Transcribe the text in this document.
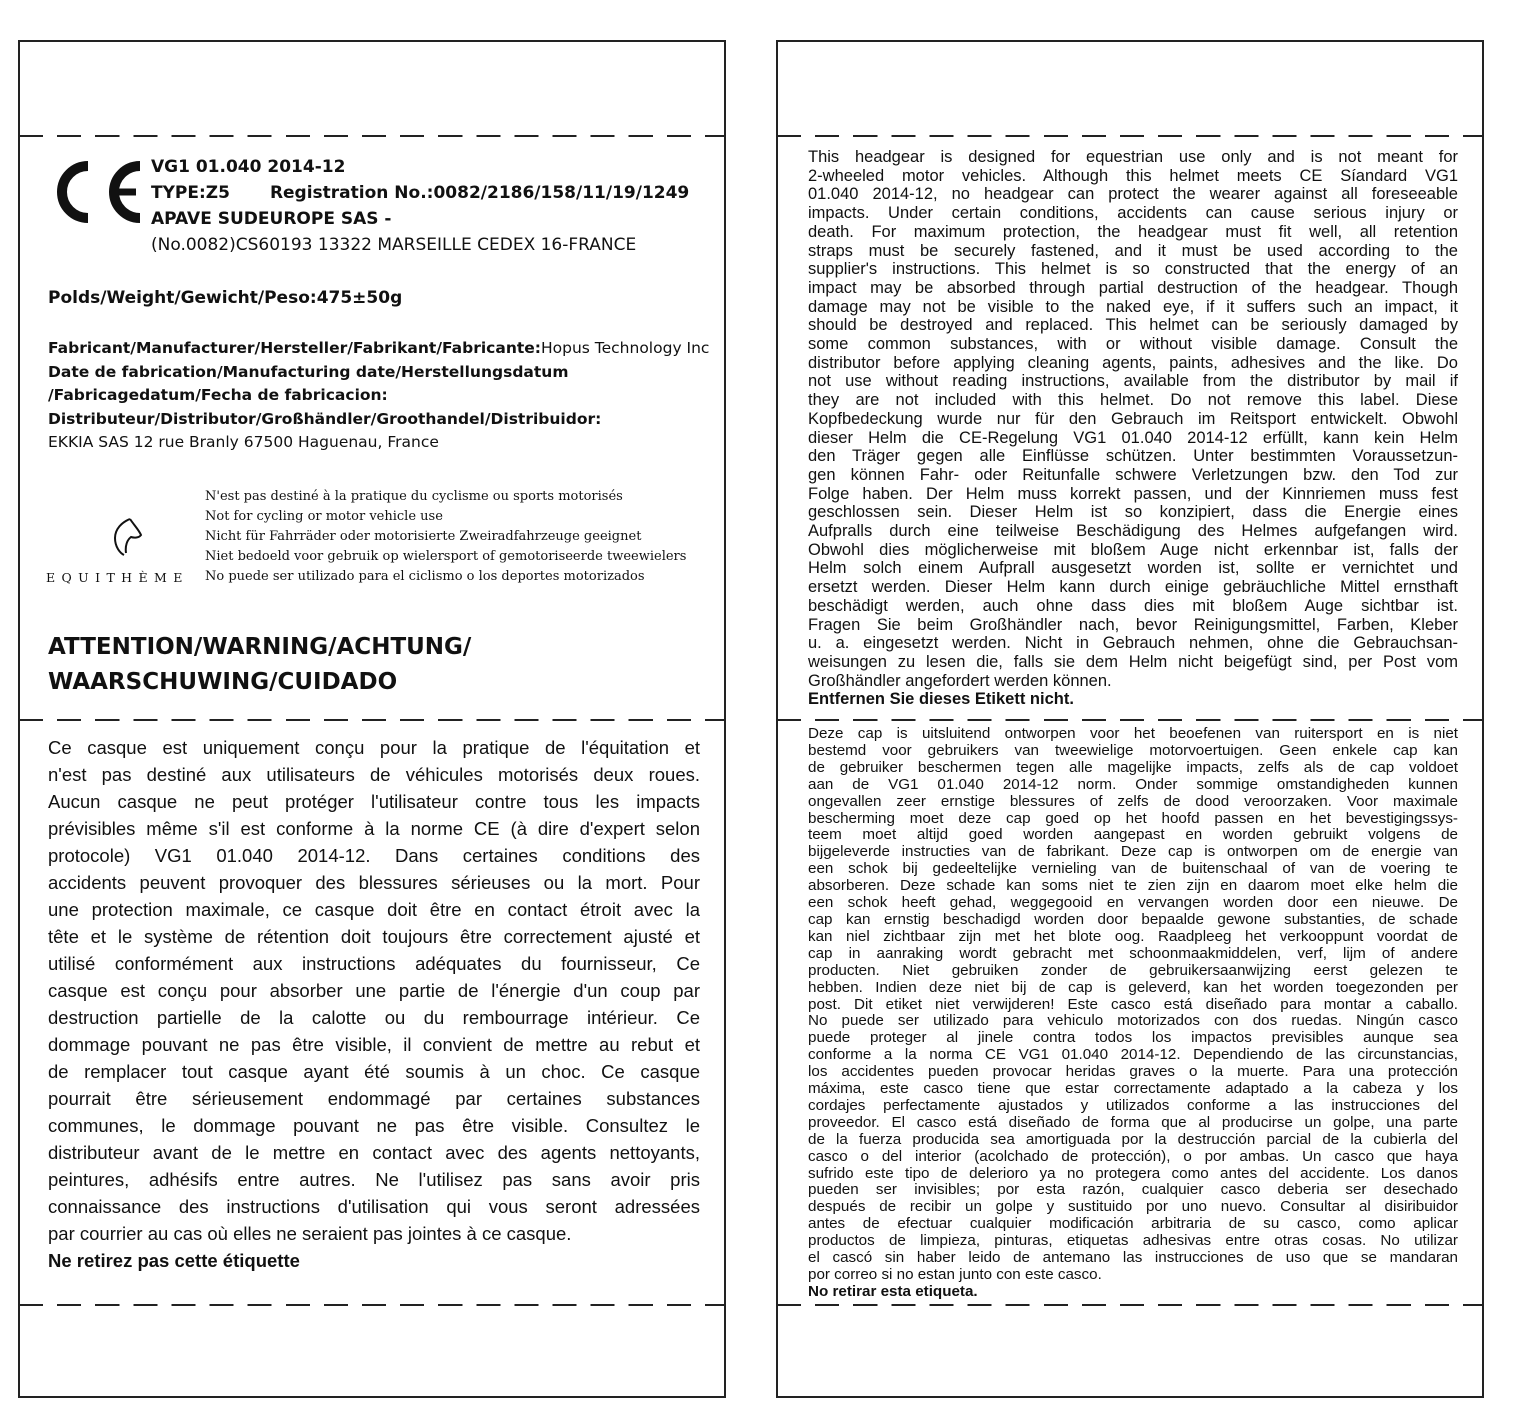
VG1 01.040 2014-12
TYPE:Z5 Registration No.:0082/2186/158/11/19/1249
APAVE SUDEUROPE SAS -
(No.0082)CS60193 13322 MARSEILLE CEDEX 16-FRANCE
Polds/Weight/Gewicht/Peso:475±50g
Fabricant/Manufacturer/Hersteller/Fabrikant/Fabricante:Hopus Technology Inc
Date de fabrication/Manufacturing date/Herstellungsdatum
/Fabricagedatum/Fecha de fabricacion:
Distributeur/Distributor/Großhändler/Groothandel/Distribuidor:
EKKIA SAS 12 rue Branly 67500 Haguenau, France
EQUITHÈME
N'est pas destiné à la pratique du cyclisme ou sports motorisés
Not for cycling or motor vehicle use
Nicht für Fahrräder oder motorisierte Zweiradfahrzeuge geeignet
Niet bedoeld voor gebruik op wielersport of gemotoriseerde tweewielers
No puede ser utilizado para el ciclismo o los deportes motorizados
ATTENTION/WARNING/ACHTUNG/
WAARSCHUWING/CUIDADO
Ce casque est uniquement conçu pour la pratique de l'équitation et
n'est pas destiné aux utilisateurs de véhicules motorisés deux roues.
Aucun casque ne peut protéger l'utilisateur contre tous les impacts
prévisibles même s'il est conforme à la norme CE (à dire d'expert selon
protocole) VG1 01.040 2014-12. Dans certaines conditions des
accidents peuvent provoquer des blessures sérieuses ou la mort. Pour
une protection maximale, ce casque doit être en contact étroit avec la
tête et le système de rétention doit toujours être correctement ajusté et
utilisé conformément aux instructions adéquates du fournisseur, Ce
casque est conçu pour absorber une partie de l'énergie d'un coup par
destruction partielle de la calotte ou du rembourrage intérieur. Ce
dommage pouvant ne pas être visible, il convient de mettre au rebut et
de remplacer tout casque ayant été soumis à un choc. Ce casque
pourrait être sérieusement endommagé par certaines substances
communes, le dommage pouvant ne pas être visible. Consultez le
distributeur avant de le mettre en contact avec des agents nettoyants,
peintures, adhésifs entre autres. Ne l'utilisez pas sans avoir pris
connaissance des instructions d'utilisation qui vous seront adressées
par courrier au cas où elles ne seraient pas jointes à ce casque.
Ne retirez pas cette étiquette
This headgear is designed for equestrian use only and is not meant for
2-wheeled motor vehicles. Although this helmet meets CE Síandard VG1
01.040 2014-12, no headgear can protect the wearer against all foreseeable
impacts. Under certain conditions, accidents can cause serious injury or
death. For maximum protection, the headgear must fit well, all retention
straps must be securely fastened, and it must be used according to the
supplier's instructions. This helmet is so constructed that the energy of an
impact may be absorbed through partial destruction of the headgear. Though
damage may not be visible to the naked eye, if it suffers such an impact, it
should be destroyed and replaced. This helmet can be seriously damaged by
some common substances, with or without visible damage. Consult the
distributor before applying cleaning agents, paints, adhesives and the like. Do
not use without reading instructions, available from the distributor by mail if
they are not included with this helmet. Do not remove this label. Diese
Kopfbedeckung wurde nur für den Gebrauch im Reitsport entwickelt. Obwohl
dieser Helm die CE-Regelung VG1 01.040 2014-12 erfüllt, kann kein Helm
den Träger gegen alle Einflüsse schützen. Unter bestimmten Voraussetzun-
gen können Fahr- oder Reitunfalle schwere Verletzungen bzw. den Tod zur
Folge haben. Der Helm muss korrekt passen, und der Kinnriemen muss fest
geschlossen sein. Dieser Helm ist so konzipiert, dass die Energie eines
Aufpralls durch eine teilweise Beschädigung des Helmes aufgefangen wird.
Obwohl dies möglicherweise mit bloßem Auge nicht erkennbar ist, falls der
Helm solch einem Aufprall ausgesetzt worden ist, sollte er vernichtet und
ersetzt werden. Dieser Helm kann durch einige gebräuchliche Mittel ernsthaft
beschädigt werden, auch ohne dass dies mit bloßem Auge sichtbar ist.
Fragen Sie beim Großhändler nach, bevor Reinigungsmittel, Farben, Kleber
u. a. eingesetzt werden. Nicht in Gebrauch nehmen, ohne die Gebrauchsan-
weisungen zu lesen die, falls sie dem Helm nicht beigefügt sind, per Post vom
Großhändler angefordert werden können.
Entfernen Sie dieses Etikett nicht.
Deze cap is uitsluitend ontworpen voor het beoefenen van ruitersport en is niet
bestemd voor gebruikers van tweewielige motorvoertuigen. Geen enkele cap kan
de gebruiker beschermen tegen alle magelijke impacts, zelfs als de cap voldoet
aan de VG1 01.040 2014-12 norm. Onder sommige omstandigheden kunnen
ongevallen zeer ernstige blessures of zelfs de dood veroorzaken. Voor maximale
bescherming moet deze cap goed op het hoofd passen en het bevestigingssys-
teem moet altijd goed worden aangepast en worden gebruikt volgens de
bijgeleverde instructies van de fabrikant. Deze cap is ontworpen om de energie van
een schok bij gedeeltelijke vernieling van de buitenschaal of van de voering te
absorberen. Deze schade kan soms niet te zien zijn en daarom moet elke helm die
een schok heeft gehad, weggegooid en vervangen worden door een nieuwe. De
cap kan ernstig beschadigd worden door bepaalde gewone substanties, de schade
kan niel zichtbaar zijn met het blote oog. Raadpleeg het verkooppunt voordat de
cap in aanraking wordt gebracht met schoonmaakmiddelen, verf, lijm of andere
producten. Niet gebruiken zonder de gebruikersaanwijzing eerst gelezen te
hebben. Indien deze niet bij de cap is geleverd, kan het worden toegezonden per
post. Dit etiket niet verwijderen! Este casco está diseñado para montar a caballo.
No puede ser utilizado para vehiculo motorizados con dos ruedas. Ningún casco
puede proteger al jinele contra todos los impactos previsibles aunque sea
conforme a la norma CE VG1 01.040 2014-12. Dependiendo de las circunstancias,
los accidentes pueden provocar heridas graves o la muerte. Para una protección
máxima, este casco tiene que estar correctamente adaptado a la cabeza y los
cordajes perfectamente ajustados y utilizados conforme a las instrucciones del
proveedor. El casco está diseñado de forma que al producirse un golpe, una parte
de la fuerza producida sea amortiguada por la destrucción parcial de la cubierla del
casco o del interior (acolchado de protección), o por ambas. Un casco que haya
sufrido este tipo de delerioro ya no protegera como antes del accidente. Los danos
pueden ser invisibles; por esta razón, cualquier casco deberia ser desechado
después de recibir un golpe y sustituido por uno nuevo. Consultar al disiribuidor
antes de efectuar cualquier modificación arbitraria de su casco, como aplicar
productos de limpieza, pinturas, etiquetas adhesivas entre otras cosas. No utilizar
el cascó sin haber leido de antemano las instrucciones de uso que se mandaran
por correo si no estan junto con este casco.
No retirar esta etiqueta.
